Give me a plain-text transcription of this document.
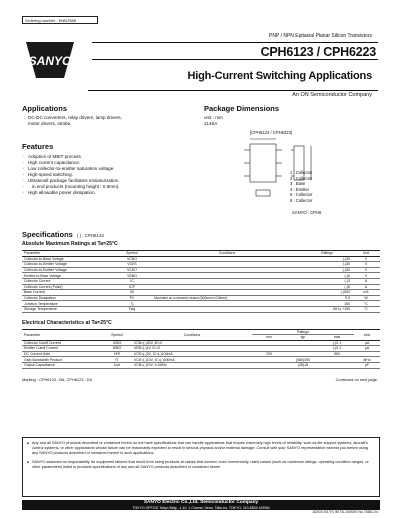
Ordering number : ENN7588
PNP / NPN Epitaxial Planar Silicon Transistors
SANYO
CPH6123 / CPH6223
High-Current Switching Applications
An ON Semiconductor Company
Applications
DC-DC converters, relay drivers, lamp drivers,
motor drivers, strobe.
Features
· Adoption of MBIT process.
· High current capacitance.
· Low collector-to-emitter saturation voltage.
· High-speed switching.
· Ultrasmall package facilitates miniaturization
· in end products (mounting height : 0.9mm).
· High allowable power dissipation.
Package Dimensions
unit : mm
2146A
[CPH6123 / CPH6223]
1 : Collector
2 : Collector
3 : Base
4 : Emitter
5 : Collector
6 : Collector
SANYO : CPH6
Specifications ( ) : CPH6123
Absolute Maximum Ratings at Ta=25°C
Parameter	Symbol	Conditions	Ratings	Unit
Collector-to-Base Voltage	VCBO		(-)30	V
Collector-to-Emitter Voltage	VCES		(-)30	V
Collector-to-Emitter Voltage	VCEO		(-)30	V
Emitter-to-Base Voltage	VEBO		(-)6	V
Collector Current	IC		(-)3	A
Collector Current (Pulse)	ICP		(-)6	A
Base Current	IB		(-)600	mA
Collector Dissipation	PC	Mounted on a ceramic board (600mm²×0.8mm)	0.9	W
Junction Temperature	Tj		150	°C
Storage Temperature	Tstg		-55 to +150	°C
Electrical Characteristics at Ta=25°C
Parameter	Symbol	Conditions	Ratings			Unit
			min	typ	max	
Collector Cutoff Current	ICBO	VCB=(-)30V, IE=0			(-)0.1	µA
Emitter Cutoff Current	IEBO	VEB=(-)4V, IC=0			(-)0.1	µA
DC Current Gain	hFE	VCE=(-)2V, IC=(-)100mA	200		560	
Gain-Bandwidth Product	fT	VCE=(-)10V, IC=(-)300mA		(360)390		MHz
Output Capacitance	Cob	VCB=(-)10V, f=1MHz		(28)18		pF
Marking : CPH6123 : BA, CPH6223 : DA	Continued on next page.

■ Any and all SANYO products described or contained herein do not have specifications that can handle applications that require extremely high levels of reliability, such as life-support systems, aircraft's control systems, or other applications whose failure can be reasonably expected to result in serious physical and/or material damage. Consult with your SANYO representative nearest you before using any SANYO products described or contained herein in such applications.

■ SANYO assumes no responsibility for equipment failures that result from using products at values that exceed, even momentarily, rated values (such as maximum ratings, operating condition ranges, or other parameters) listed in products specifications of any and all SANYO products described or contained herein.

SANYO Electric Co.,Ltd. Semiconductor Company
TOKYO OFFICE Tokyo Bldg., 1-10, 1 Chome, Ueno, Taito-ku, TOKYO, 110-8534 JAPAN
82403 EA TS IM TA-100000 No.7588-1/4
